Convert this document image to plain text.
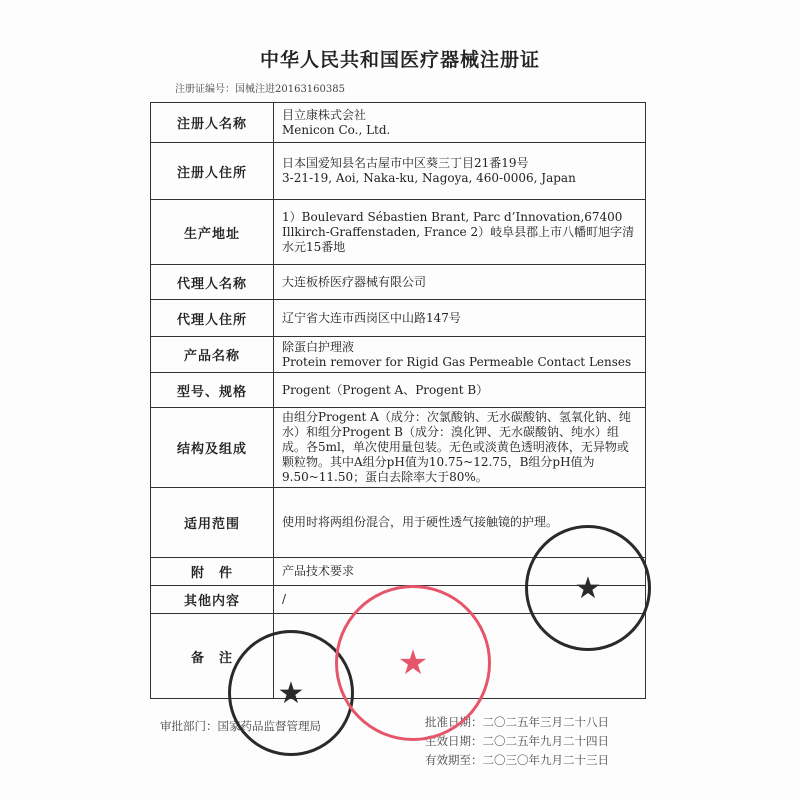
中华人民共和国医疗器械注册证
注册证编号：国械注进20163160385
注册人名称	目立康株式会社
Menicon Co., Ltd.
注册人住所	日本国爱知县名古屋市中区葵三丁目21番19号
3-21-19, Aoi, Naka-ku, Nagoya, 460-0006, Japan
生产地址	1）Boulevard Sébastien Brant, Parc d’Innovation,67400 Illkirch-Graffenstaden, France 2）岐阜县郡上市八幡町旭字清水元15番地
代理人名称	大连板桥医疗器械有限公司
代理人住所	辽宁省大连市西岗区中山路147号
产品名称	除蛋白护理液
Protein remover for Rigid Gas Permeable Contact Lenses
型号、规格	Progent（Progent A、Progent B）
结构及组成	由组分Progent A（成分：次氯酸钠、无水碳酸钠、氢氧化钠、纯水）和组分Progent B（成分：溴化钾、无水碳酸钠、纯水）组成。各5ml，单次使用量包装。无色或淡黄色透明液体，无异物或颗粒物。其中A组分pH值为10.75~12.75，B组分pH值为9.50~11.50；蛋白去除率大于80%。
适用范围	使用时将两组份混合，用于硬性透气接触镜的护理。
附　件	产品技术要求
其他内容	/
备　注	
审批部门：国家药品监督管理局	批准日期：二〇二五年三月二十八日
生效日期：二〇二五年九月二十四日
有效期至：二〇三〇年九月二十三日
★
★
★
